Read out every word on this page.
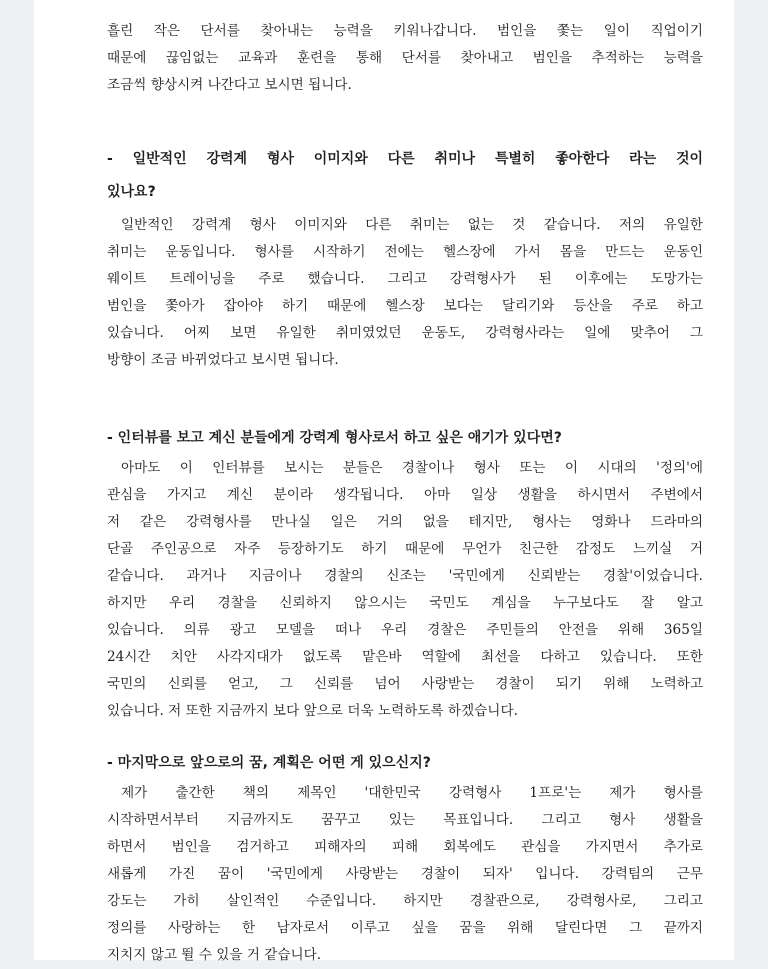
흘린 작은 단서를 찾아내는 능력을 키워나갑니다. 범인을 쫓는 일이 직업이기
때문에 끊임없는 교육과 훈련을 통해 단서를 찾아내고 범인을 추적하는 능력을
조금씩 향상시켜 나간다고 보시면 됩니다.

- 일반적인 강력계 형사 이미지와 다른 취미나 특별히 좋아한다 라는 것이
있나요?

일반적인 강력계 형사 이미지와 다른 취미는 없는 것 같습니다. 저의 유일한
취미는 운동입니다. 형사를 시작하기 전에는 헬스장에 가서 몸을 만드는 운동인
웨이트 트레이닝을 주로 했습니다. 그리고 강력형사가 된 이후에는 도망가는
범인을 쫓아가 잡아야 하기 때문에 헬스장 보다는 달리기와 등산을 주로 하고
있습니다. 어찌 보면 유일한 취미였었던 운동도, 강력형사라는 일에 맞추어 그
방향이 조금 바뀌었다고 보시면 됩니다.

- 인터뷰를 보고 계신 분들에게 강력계 형사로서 하고 싶은 애기가 있다면?

아마도 이 인터뷰를 보시는 분들은 경찰이나 형사 또는 이 시대의 '정의'에
관심을 가지고 계신 분이라 생각됩니다. 아마 일상 생활을 하시면서 주변에서
저 같은 강력형사를 만나실 일은 거의 없을 테지만, 형사는 영화나 드라마의
단골 주인공으로 자주 등장하기도 하기 때문에 무언가 친근한 감정도 느끼실 거
같습니다. 과거나 지금이나 경찰의 신조는 '국민에게 신뢰받는 경찰'이었습니다.
하지만 우리 경찰을 신뢰하지 않으시는 국민도 계심을 누구보다도 잘 알고
있습니다. 의류 광고 모델을 떠나 우리 경찰은 주민들의 안전을 위해 365일
24시간 치안 사각지대가 없도록 맡은바 역할에 최선을 다하고 있습니다. 또한
국민의 신뢰를 얻고, 그 신뢰를 넘어 사랑받는 경찰이 되기 위해 노력하고
있습니다. 저 또한 지금까지 보다 앞으로 더욱 노력하도록 하겠습니다.

- 마지막으로 앞으로의 꿈, 계획은 어떤 게 있으신지?

제가 출간한 책의 제목인 '대한민국 강력형사 1프로'는 제가 형사를
시작하면서부터 지금까지도 꿈꾸고 있는 목표입니다. 그리고 형사 생활을
하면서 범인을 검거하고 피해자의 피해 회복에도 관심을 가지면서 추가로
새롭게 가진 꿈이 '국민에게 사랑받는 경찰이 되자' 입니다. 강력팀의 근무
강도는 가히 살인적인 수준입니다. 하지만 경찰관으로, 강력형사로, 그리고
정의를 사랑하는 한 남자로서 이루고 싶을 꿈을 위해 달린다면 그 끝까지
지치지 않고 뛸 수 있을 거 같습니다.
